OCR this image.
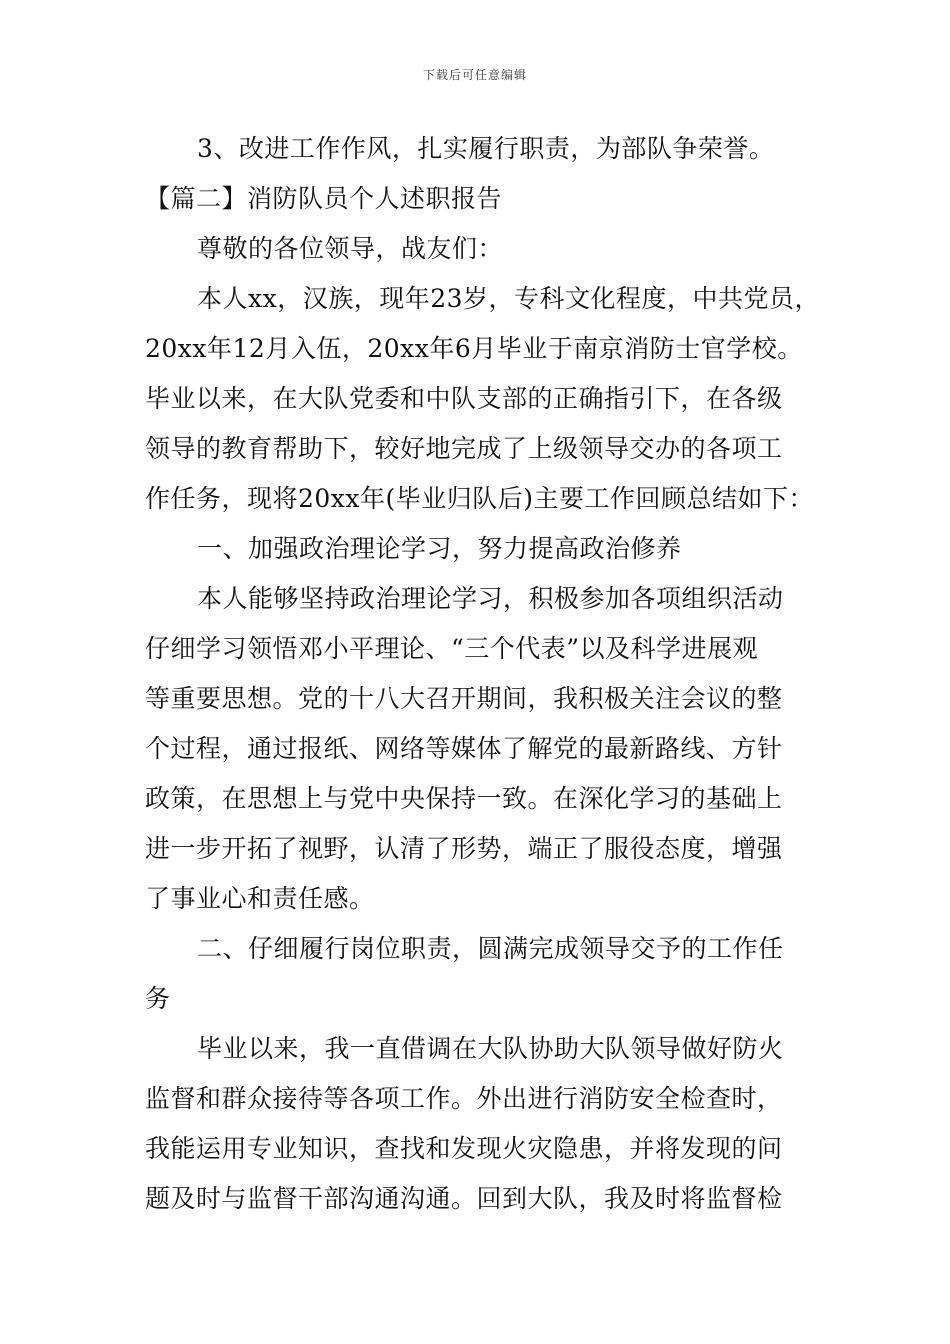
下载后可任意编辑
3、改进工作作风，扎实履行职责，为部队争荣誉。
【篇二】消防队员个人述职报告
尊敬的各位领导，战友们：
本人xx，汉族，现年23岁，专科文化程度，中共党员，
20xx年12月入伍，20xx年6月毕业于南京消防士官学校。
毕业以来，在大队党委和中队支部的正确指引下，在各级
领导的教育帮助下，较好地完成了上级领导交办的各项工
作任务，现将20xx年(毕业归队后)主要工作回顾总结如下：
一、加强政治理论学习，努力提高政治修养
本人能够坚持政治理论学习，积极参加各项组织活动
仔细学习领悟邓小平理论、“三个代表”以及科学进展观
等重要思想。党的十八大召开期间，我积极关注会议的整
个过程，通过报纸、网络等媒体了解党的最新路线、方针
政策，在思想上与党中央保持一致。在深化学习的基础上
进一步开拓了视野，认清了形势，端正了服役态度，增强
了事业心和责任感。
二、仔细履行岗位职责，圆满完成领导交予的工作任
务
毕业以来，我一直借调在大队协助大队领导做好防火
监督和群众接待等各项工作。外出进行消防安全检查时，
我能运用专业知识，查找和发现火灾隐患，并将发现的问
题及时与监督干部沟通沟通。回到大队，我及时将监督检
